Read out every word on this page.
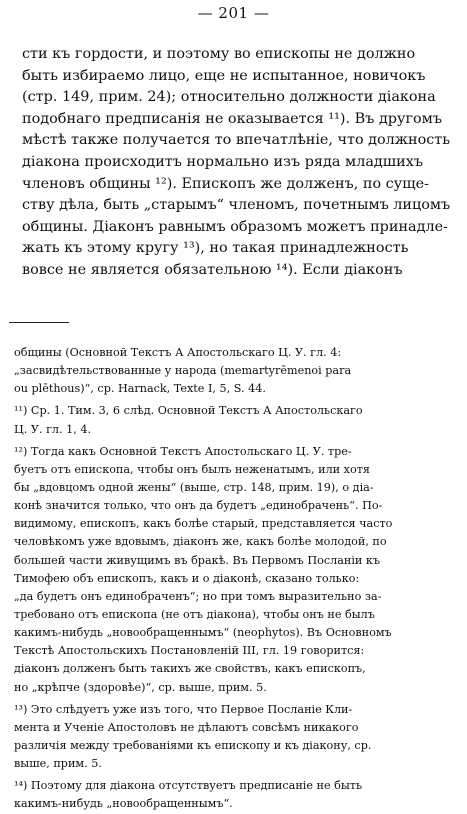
— 201 —
сти къ гордости, и поэтому во епископы не должно
быть избираемо лицо, еще не испытанное, новичокъ
(стр. 149, прим. 24); относительно должности діакона
подобнаго предписанія не оказывается ¹¹). Въ другомъ
мѣстѣ также получается то впечатлѣніе, что должность
діакона происходитъ нормально изъ ряда младшихъ
членовъ общины ¹²). Епископъ же долженъ, по суще-
ству дѣла, быть „старымъ“ членомъ, почетнымъ лицомъ
общины. Діаконъ равнымъ образомъ можетъ принадле-
жать къ этому кругу ¹³), но такая принадлежность
вовсе не является обязательною ¹⁴). Если діаконъ
общины (Основной Текстъ А Апостольскаго Ц. У. гл. 4:
„засвидѣтельствованные у народа (memartyrēmenoi para
ou plēthous)“, ср. Harnack, Texte I, 5, S. 44.
¹¹) Ср. 1. Тим. 3, 6 слѣд. Основной Текстъ А Апостольскаго
Ц. У. гл. 1, 4.
¹²) Тогда какъ Основной Текстъ Апостольскаго Ц. У. тре-
буетъ отъ епископа, чтобы онъ былъ неженатымъ, или хотя
бы „вдовцомъ одной жены“ (выше, стр. 148, прим. 19), о діа-
конѣ значится только, что онъ да будетъ „единобрачень“. По-
видимому, епископъ, какъ болѣе старый, представляется часто
человѣкомъ уже вдовымъ, діаконъ же, какъ болѣе молодой, по
большей части живущимъ въ бракѣ. Въ Первомъ Посланіи къ
Тимофею объ епископъ, какъ и о діаконѣ, сказано только:
„да будетъ онъ единобраченъ“; но при томъ выразительно за-
требовано отъ епископа (не отъ діакона), чтобы онъ не былъ
какимъ-нибудь „новообращеннымъ“ (neophytos). Въ Основномъ
Текстѣ Апостольскихъ Постановленій III, гл. 19 говорится:
діаконъ долженъ быть такихъ же свойствъ, какъ епископъ,
но „крѣпче (здоровѣе)“, ср. выше, прим. 5.
¹³) Это слѣдуетъ уже изъ того, что Первое Посланіе Кли-
мента и Ученіе Апостоловъ не дѣлаютъ совсѣмъ никакого
различія между требованіями къ епископу и къ діакону, ср.
выше, прим. 5.
¹⁴) Поэтому для діакона отсутствуетъ предписаніе не быть
какимъ-нибудь „новообращеннымъ“.
